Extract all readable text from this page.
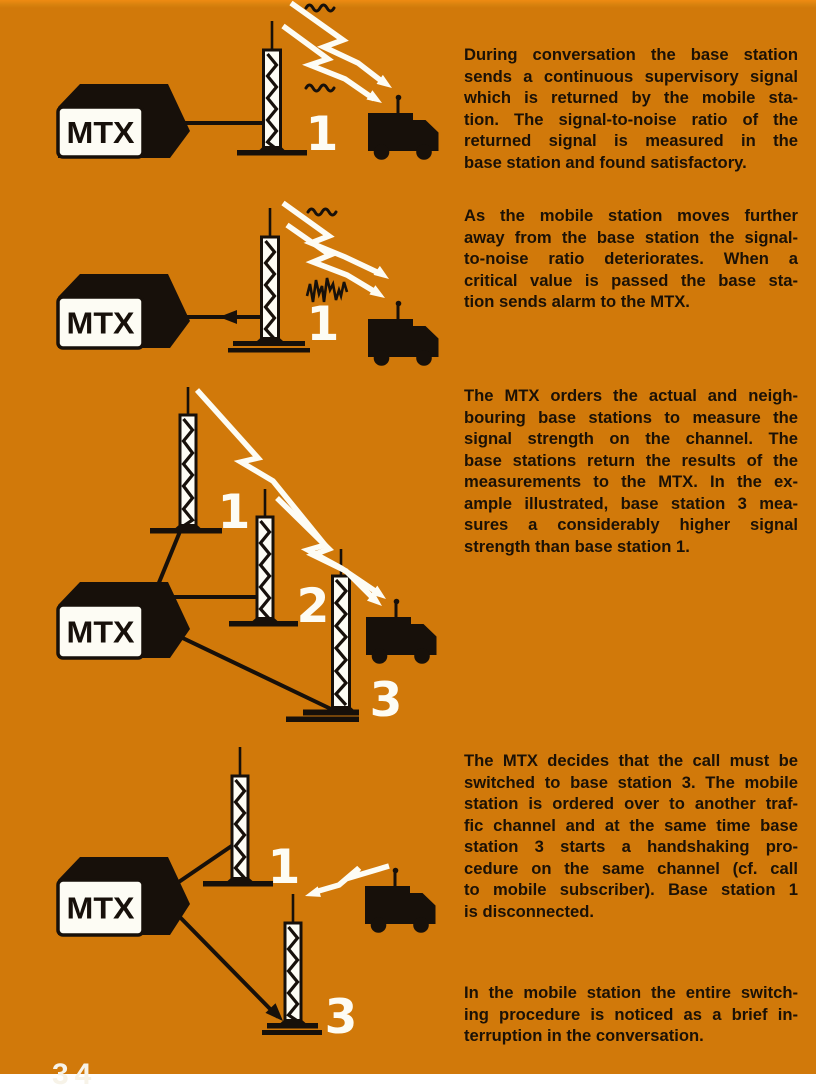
MTX	1
MTX	1
MTX
1
2
3
MTX
1
3
During conversation the base station
sends a continuous supervisory signal
which is returned by the mobile sta-
tion. The signal-to-noise ratio of the
returned signal is measured in the
base station and found satisfactory.
As the mobile station moves further
away from the base station the signal-
to-noise ratio deteriorates. When a
critical value is passed the base sta-
tion sends alarm to the MTX.
The MTX orders the actual and neigh-
bouring base stations to measure the
signal strength on the channel. The
base stations return the results of the
measurements to the MTX. In the ex-
ample illustrated, base station 3 mea-
sures a considerably higher signal
strength than base station 1.
The MTX decides that the call must be
switched to base station 3. The mobile
station is ordered over to another traf-
fic channel and at the same time base
station 3 starts a handshaking pro-
cedure on the same channel (cf. call
to mobile subscriber). Base station 1
is disconnected.
In the mobile station the entire switch-
ing procedure is noticed as a brief in-
terruption in the conversation.
34
